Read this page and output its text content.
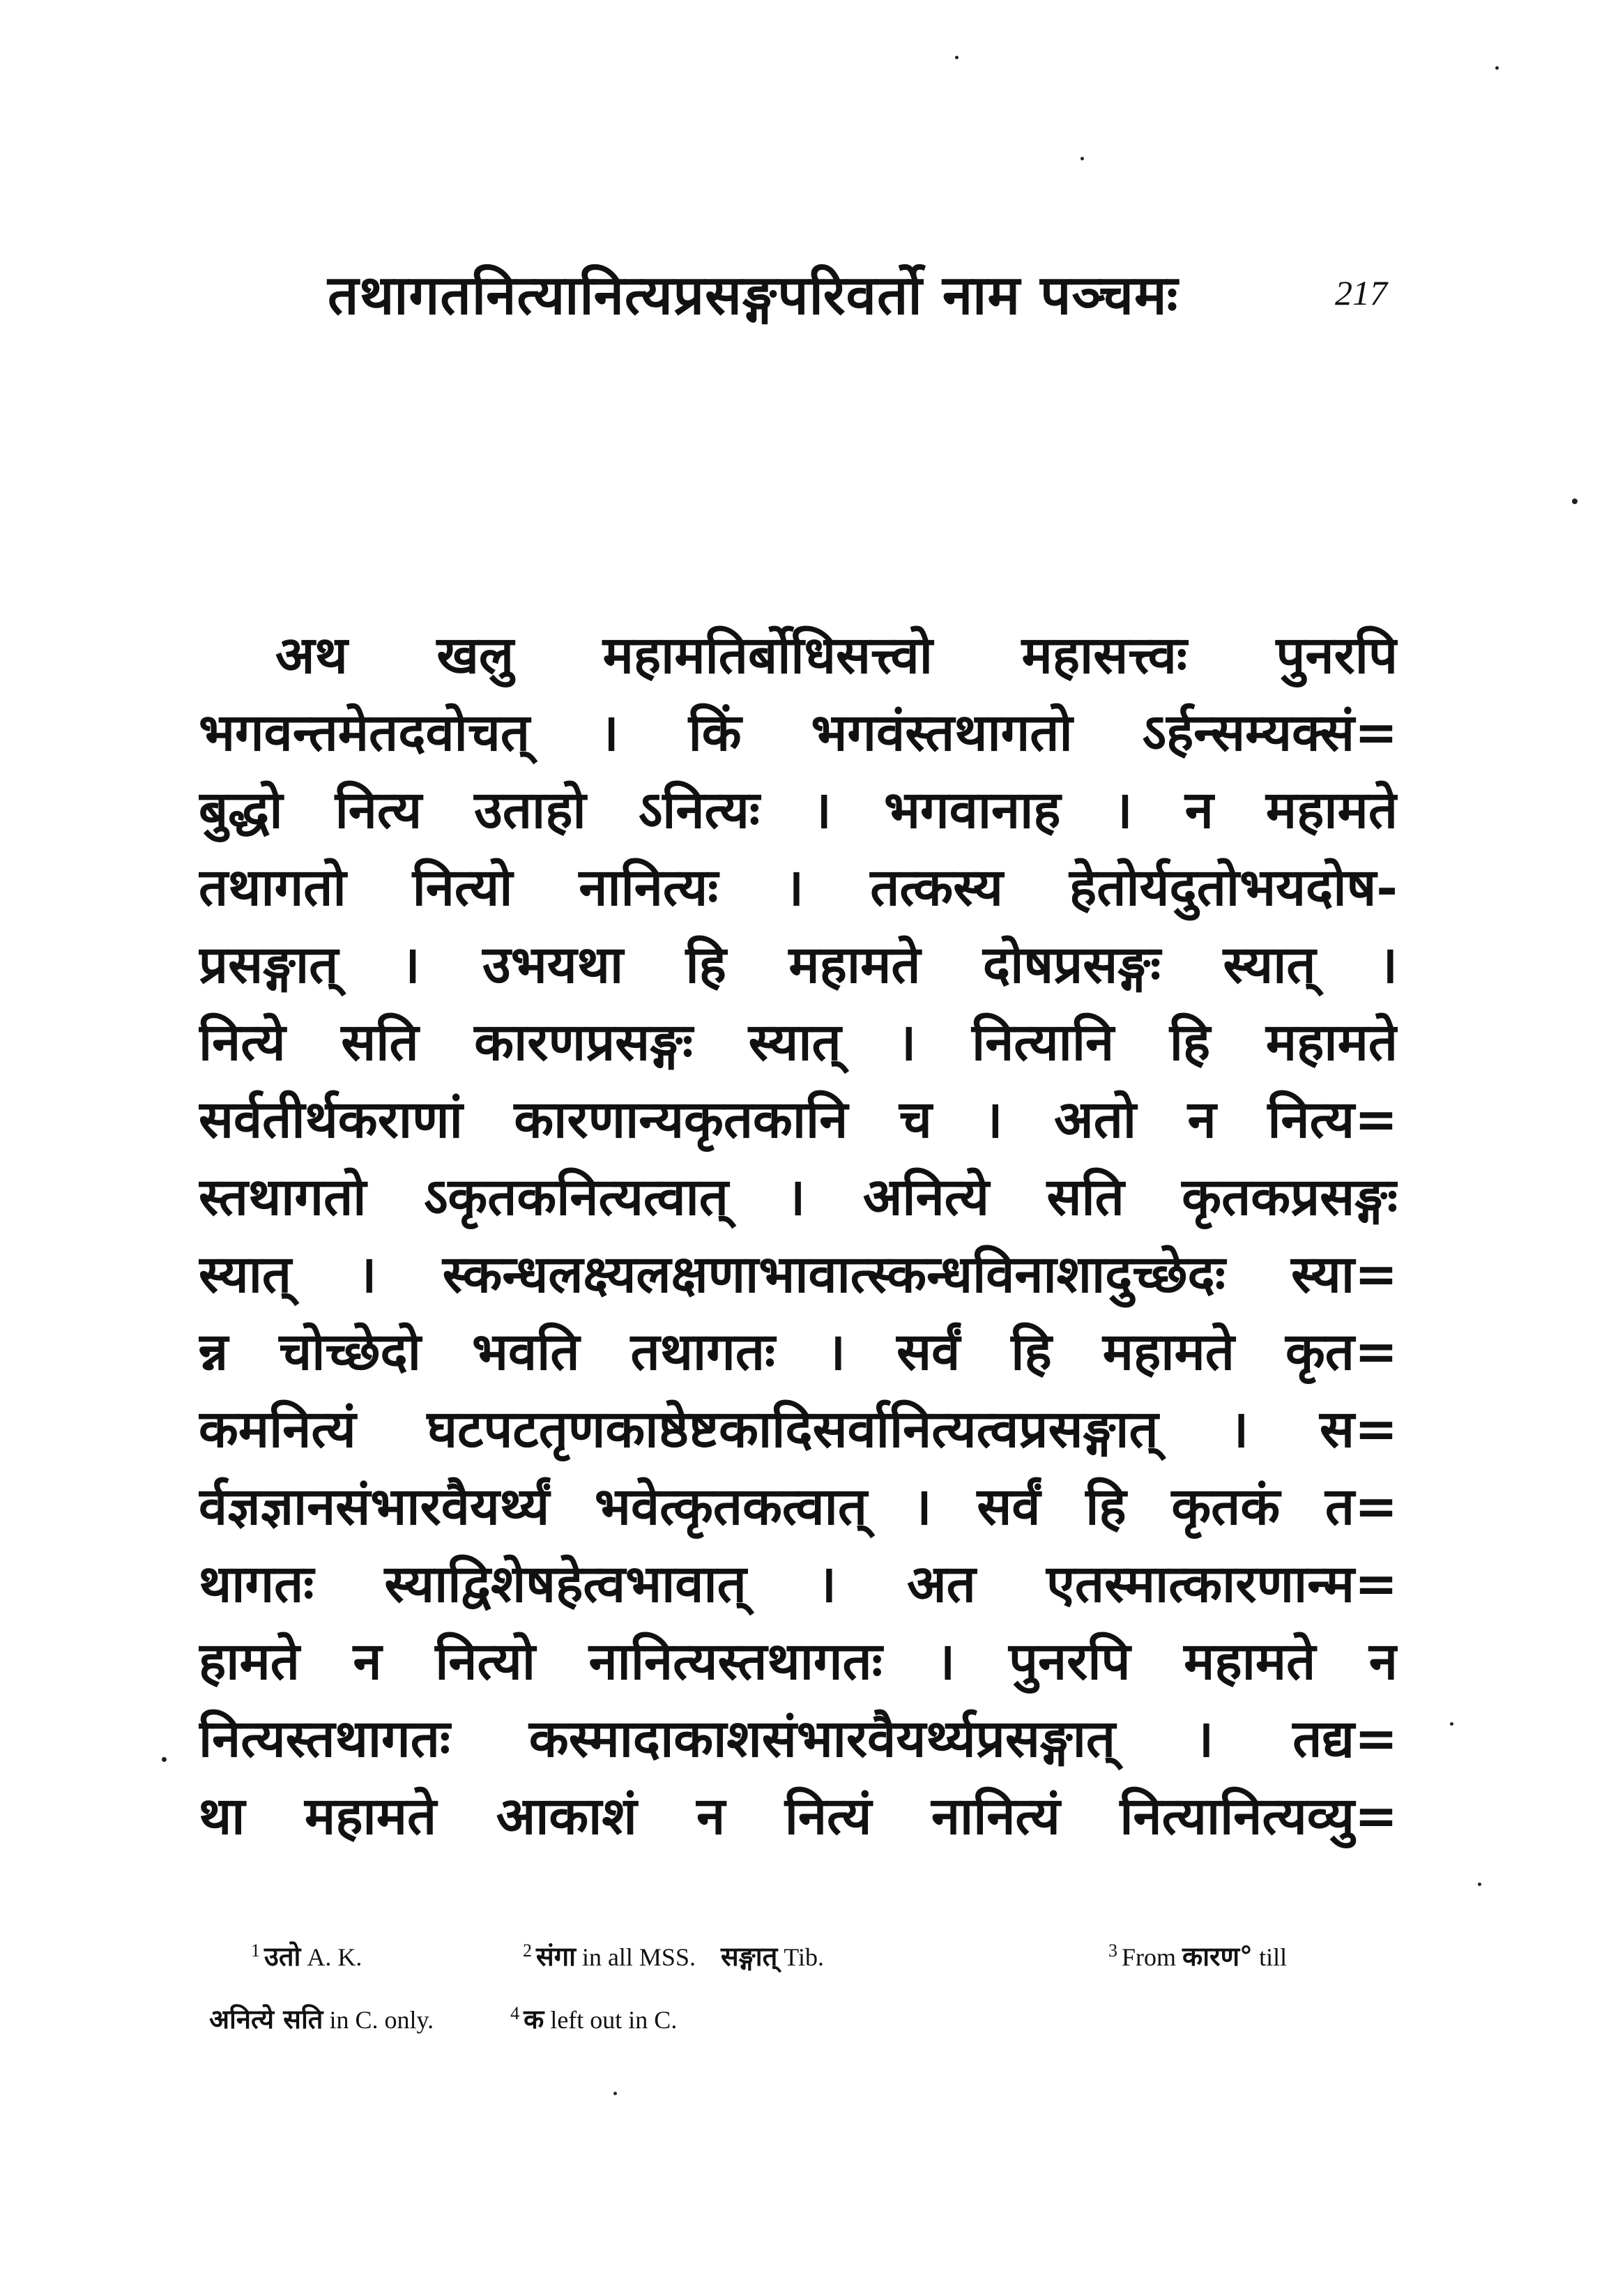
तथागतनित्यानित्यप्रसङ्गपरिवर्तो नाम पञ्चमः	217
अथ खलु महामतिर्बोधिसत्त्वो महासत्त्वः पुनरपि
भगवन्तमेतदवोचत् । किं भगवंस्तथागतो ऽर्हन्सम्यक्सं=
बुद्धो नित्य उताहो ऽनित्यः । भगवानाह । न महामते
तथागतो नित्यो नानित्यः । तत्कस्य हेतोर्यदुतोभयदोष-
प्रसङ्गात् । उभयथा हि महामते दोषप्रसङ्गः स्यात् ।
नित्ये सति कारणप्रसङ्गः स्यात् । नित्यानि हि महामते
सर्वतीर्थकराणां कारणान्यकृतकानि च । अतो न नित्य=
स्तथागतो ऽकृतकनित्यत्वात् । अनित्ये सति कृतकप्रसङ्गः
स्यात् । स्कन्धलक्ष्यलक्षणाभावात्स्कन्धविनाशादुच्छेदः स्या=
न्न चोच्छेदो भवति तथागतः । सर्वं हि महामते कृत=
कमनित्यं घटपटतृणकाष्ठेष्टकादिसर्वानित्यत्वप्रसङ्गात् । स=
र्वज्ञज्ञानसंभारवैयर्थ्यं भवेत्कृतकत्वात् । सर्वं हि कृतकं त=
थागतः स्याद्विशेषहेत्वभावात् । अत एतस्मात्कारणान्म=
हामते न नित्यो नानित्यस्तथागतः । पुनरपि महामते न
नित्यस्तथागतः कस्मादाकाशसंभारवैयर्थ्यप्रसङ्गात् । तद्य=
था महामते आकाशं न नित्यं नानित्यं नित्यानित्यव्यु=
$^1$ उतो A. K.	$^2$ संगा in all MSS. सङ्गात् Tib.	$^3$ From कारण° till
अनित्ये सति in C. only.	$^4$ क left out in C.
